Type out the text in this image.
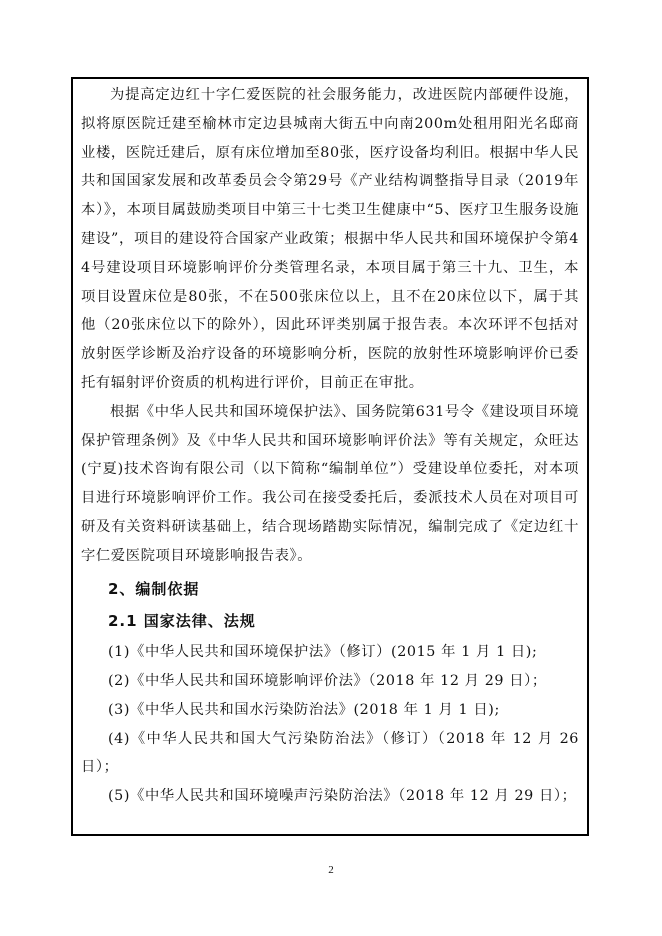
为提高定边红十字仁爱医院的社会服务能力，改进医院内部硬件设施，拟将原医院迁建至榆林市定边县城南大街五中向南200m处租用阳光名邸商业楼，医院迁建后，原有床位增加至80张，医疗设备均利旧。根据中华人民共和国国家发展和改革委员会令第29号《产业结构调整指导目录（2019年本）》，本项目属鼓励类项目中第三十七类卫生健康中“5、医疗卫生服务设施建设”，项目的建设符合国家产业政策；根据中华人民共和国环境保护令第44号建设项目环境影响评价分类管理名录，本项目属于第三十九、卫生，本项目设置床位是80张，不在500张床位以上，且不在20床位以下，属于其他（20张床位以下的除外），因此环评类别属于报告表。本次环评不包括对放射医学诊断及治疗设备的环境影响分析，医院的放射性环境影响评价已委托有辐射评价资质的机构进行评价，目前正在审批。

根据《中华人民共和国环境保护法》、国务院第631号令《建设项目环境保护管理条例》及《中华人民共和国环境影响评价法》等有关规定，众旺达(宁夏)技术咨询有限公司（以下简称“编制单位”）受建设单位委托，对本项目进行环境影响评价工作。我公司在接受委托后，委派技术人员在对项目可研及有关资料研读基础上，结合现场踏勘实际情况，编制完成了《定边红十字仁爱医院项目环境影响报告表》。

2、编制依据

2.1 国家法律、法规

(1)《中华人民共和国环境保护法》（修订）(2015 年 1 月 1 日);

(2)《中华人民共和国环境影响评价法》（2018 年 12 月 29 日）；

(3)《中华人民共和国水污染防治法》(2018 年 1 月 1 日);

(4)《中华人民共和国大气污染防治法》（修订）（2018 年 12 月 26 日）；

(5)《中华人民共和国环境噪声污染防治法》（2018 年 12 月 29 日）；

2
